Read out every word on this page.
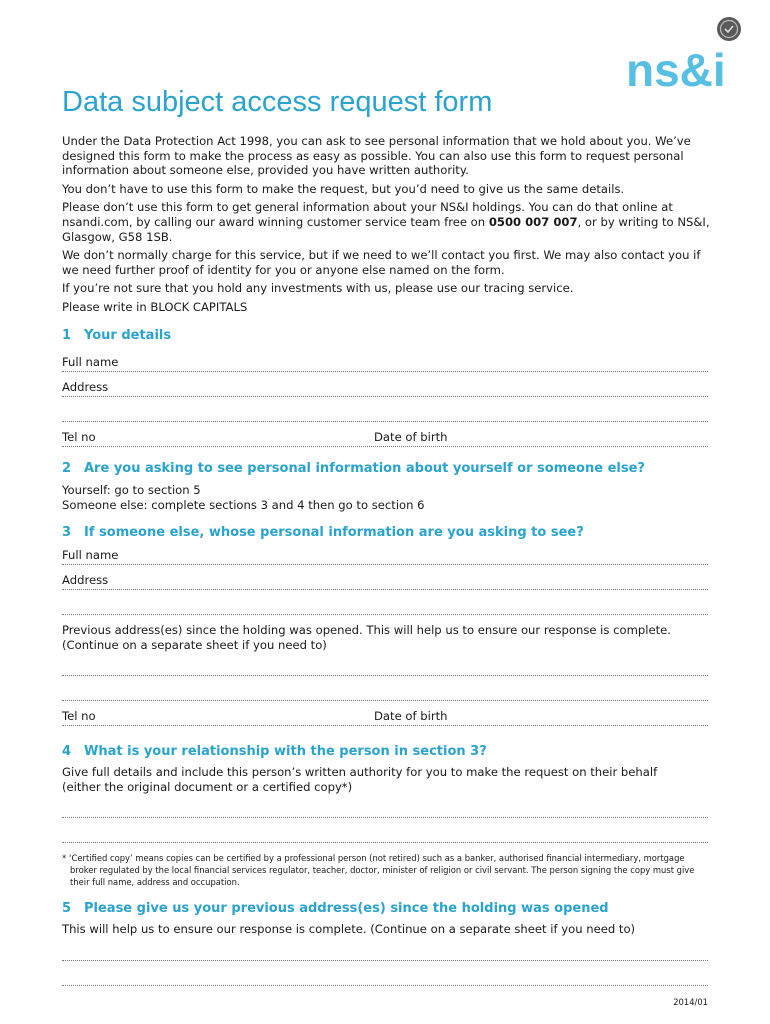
ns&i
Data subject access request form

Under the Data Protection Act 1998, you can ask to see personal information that we hold about you. We’ve designed this form to make the process as easy as possible. You can also use this form to request personal information about someone else, provided you have written authority.

You don’t have to use this form to make the request, but you’d need to give us the same details.

Please don’t use this form to get general information about your NS&I holdings. You can do that online at nsandi.com, by calling our award winning customer service team free on 0500 007 007, or by writing to NS&I, Glasgow, G58 1SB.

We don’t normally charge for this service, but if we need to we’ll contact you first. We may also contact you if we need further proof of identity for you or anyone else named on the form.

If you’re not sure that you hold any investments with us, please use our tracing service.

Please write in BLOCK CAPITALS

1 Your details
Full name
Address
Tel no	Date of birth
2 Are you asking to see personal information about yourself or someone else?

Yourself: go to section 5

Someone else: complete sections 3 and 4 then go to section 6

3 If someone else, whose personal information are you asking to see?
Full name
Address

Previous address(es) since the holding was opened. This will help us to ensure our response is complete.

(Continue on a separate sheet if you need to)

Tel no	Date of birth
4 What is your relationship with the person in section 3?

Give full details and include this person’s written authority for you to make the request on their behalf

(either the original document or a certified copy*)

* ‘Certified copy’ means copies can be certified by a professional person (not retired) such as a banker, authorised financial intermediary, mortgage
broker regulated by the local financial services regulator, teacher, doctor, minister of religion or civil servant. The person signing the copy must give
their full name, address and occupation.
5 Please give us your previous address(es) since the holding was opened

This will help us to ensure our response is complete. (Continue on a separate sheet if you need to)

2014/01
